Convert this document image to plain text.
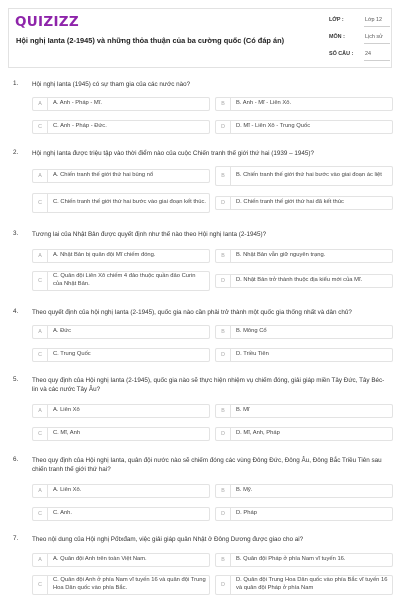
QUIZIZZ
Hội nghị Ianta (2-1945) và những thỏa thuận của ba cường quốc (Có đáp án)
LỚP :	Lớp 12
MÔN :	Lịch sử
SỐ CÂU : 24
1. Hội nghị Ianta (1945) có sự tham gia của các nước nào?
A	A. Anh - Pháp - Mĩ.	B	B. Anh - Mĩ - Liên Xô.
C	C. Anh - Pháp - Đức.	D	D. Mĩ - Liên Xô - Trung Quốc
2. Hội nghị Ianta được triệu tập vào thời điểm nào của cuộc Chiến tranh thế giới thứ hai (1939 – 1945)?
A	A. Chiến tranh thế giới thứ hai bùng nổ	B	B. Chiến tranh thế giới thứ hai bước vào giai đoạn ác liệt
C	C. Chiến tranh thế giới thứ hai bước vào giai đoạn kết thúc.	D	D. Chiến tranh thế giới thứ hai đã kết thúc
3. Tương lai của Nhật Bản được quyết định như thế nào theo Hội nghị Ianta (2-1945)?
A	A. Nhật Bản bị quân đội Mĩ chiếm đóng.	B	B. Nhật Bản vẫn giữ nguyên trạng.
C
C. Quân đội Liên Xô chiếm 4 đảo thuộc quần đảo Curin của Nhật Bản.	D	D. Nhật Bản trở thành thuộc địa kiểu mới của Mĩ.
4. Theo quyết định của hội nghị Ianta (2-1945), quốc gia nào cần phải trở thành một quốc gia thống nhất và dân chủ?
A	A. Đức	B	B. Mông Cổ
C	C. Trung Quốc	D	D. Triều Tiên
5. Theo quy định của Hội nghị Ianta (2-1945), quốc gia nào sẽ thực hiện nhiệm vụ chiếm đóng, giải giáp miền Tây Đức, Tây Béc-lin và các nước Tây Âu?
A	A. Liên Xô	B	B. Mĩ
C	C. Mĩ, Anh	D	D. Mĩ, Anh, Pháp
6. Theo quy định của Hội nghị Ianta, quân đội nước nào sẽ chiếm đóng các vùng Đông Đức, Đông Âu, Đông Bắc Triều Tiên sau chiến tranh thế giới thứ hai?
A	A. Liên Xô.	B	B. Mỹ.
C	C. Anh.	D	D. Pháp
7. Theo nội dung của Hội nghị Pốtxđam, việc giải giáp quân Nhật ở Đông Dương được giao cho ai?
A	A. Quân đội Anh trên toàn Việt Nam.	B	B. Quân đội Pháp ở phía Nam vĩ tuyến 16.
C
C. Quân đội Anh ở phía Nam vĩ tuyến 16 và quân đội Trung Hoa Dân quốc vào phía Bắc.	D
D. Quân đội Trung Hoa Dân quốc vào phía Bắc vĩ tuyến 16 và quân đội Pháp ở phía Nam
